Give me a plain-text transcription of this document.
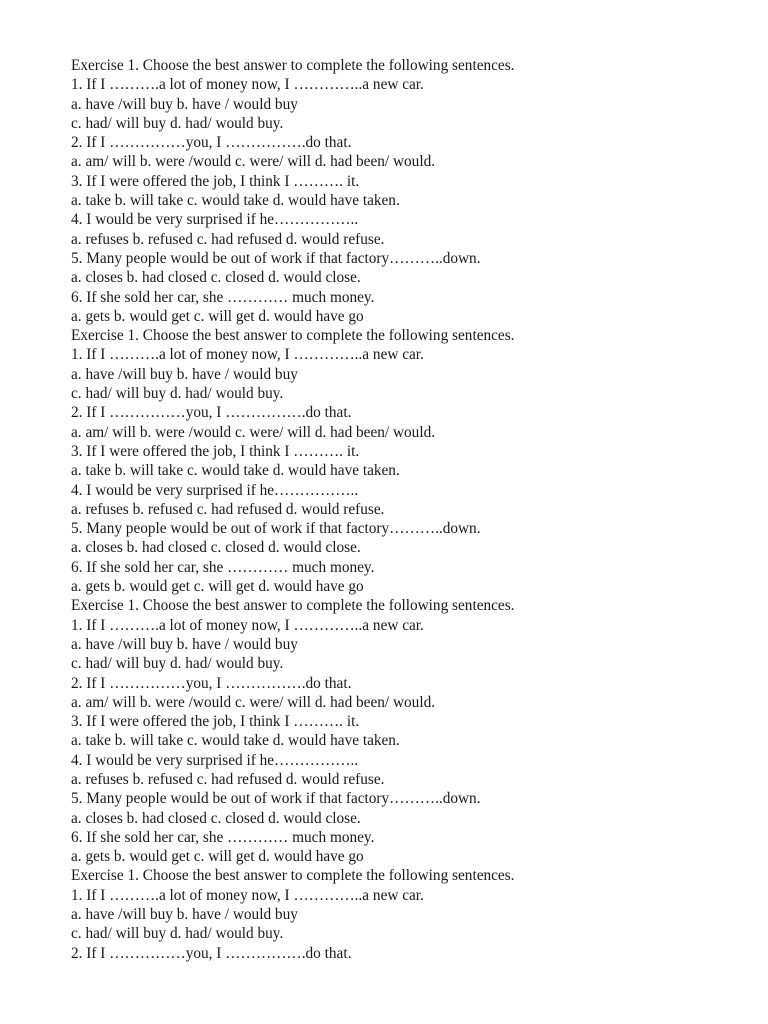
Exercise 1. Choose the best answer to complete the following sentences.
1. If I ……….a lot of money now, I …………..a new car.
a. have /will buy b. have / would buy
c. had/ will buy d. had/ would buy.
2. If I ……………you, I …………….do that.
a. am/ will b. were /would c. were/ will d. had been/ would.
3. If I were offered the job, I think I ………. it.
a. take b. will take c. would take d. would have taken.
4. I would be very surprised if he……………..
a. refuses b. refused c. had refused d. would refuse.
5. Many people would be out of work if that factory………..down.
a. closes b. had closed c. closed d. would close.
6. If she sold her car, she ………… much money.
a. gets b. would get c. will get d. would have go
Exercise 1. Choose the best answer to complete the following sentences.
1. If I ……….a lot of money now, I …………..a new car.
a. have /will buy b. have / would buy
c. had/ will buy d. had/ would buy.
2. If I ……………you, I …………….do that.
a. am/ will b. were /would c. were/ will d. had been/ would.
3. If I were offered the job, I think I ………. it.
a. take b. will take c. would take d. would have taken.
4. I would be very surprised if he……………..
a. refuses b. refused c. had refused d. would refuse.
5. Many people would be out of work if that factory………..down.
a. closes b. had closed c. closed d. would close.
6. If she sold her car, she ………… much money.
a. gets b. would get c. will get d. would have go
Exercise 1. Choose the best answer to complete the following sentences.
1. If I ……….a lot of money now, I …………..a new car.
a. have /will buy b. have / would buy
c. had/ will buy d. had/ would buy.
2. If I ……………you, I …………….do that.
a. am/ will b. were /would c. were/ will d. had been/ would.
3. If I were offered the job, I think I ………. it.
a. take b. will take c. would take d. would have taken.
4. I would be very surprised if he……………..
a. refuses b. refused c. had refused d. would refuse.
5. Many people would be out of work if that factory………..down.
a. closes b. had closed c. closed d. would close.
6. If she sold her car, she ………… much money.
a. gets b. would get c. will get d. would have go
Exercise 1. Choose the best answer to complete the following sentences.
1. If I ……….a lot of money now, I …………..a new car.
a. have /will buy b. have / would buy
c. had/ will buy d. had/ would buy.
2. If I ……………you, I …………….do that.
